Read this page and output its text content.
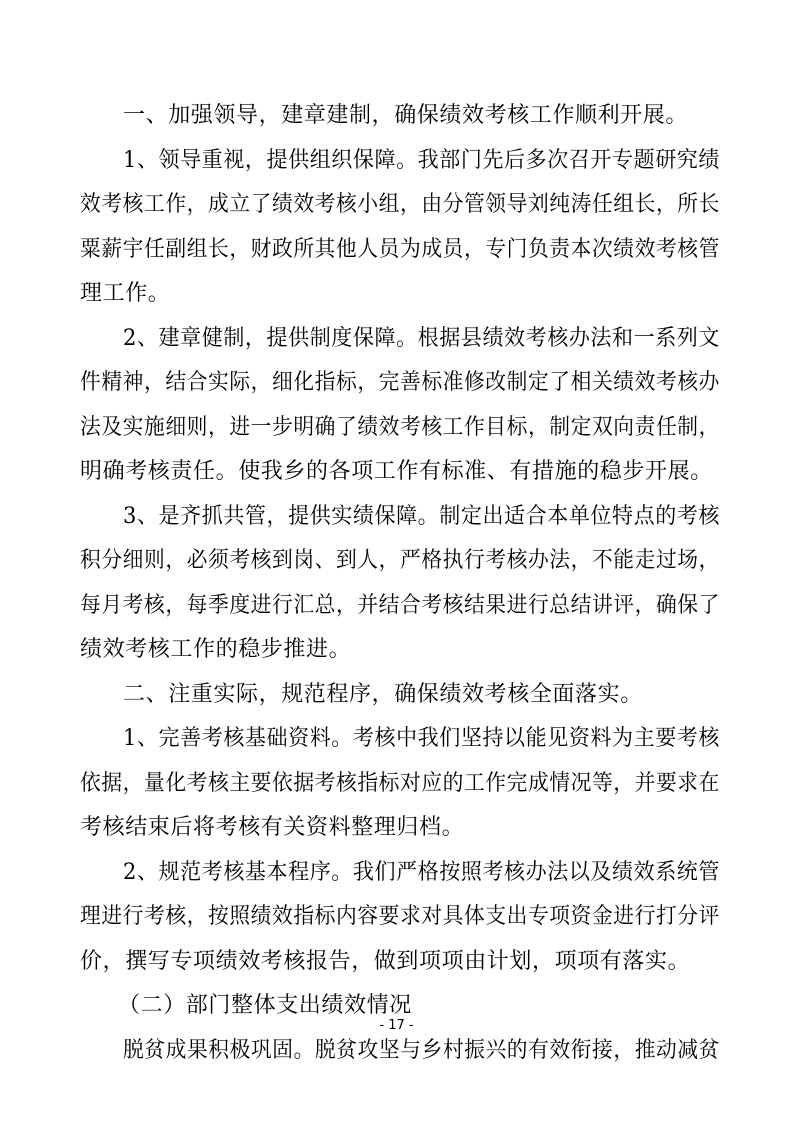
一、加强领导，建章建制，确保绩效考核工作顺利开展。
1、领导重视，提供组织保障。我部门先后多次召开专题研究绩
效考核工作，成立了绩效考核小组，由分管领导刘纯涛任组长，所长
粟薪宇任副组长，财政所其他人员为成员，专门负责本次绩效考核管
理工作。
2、建章健制，提供制度保障。根据县绩效考核办法和一系列文
件精神，结合实际，细化指标，完善标准修改制定了相关绩效考核办
法及实施细则，进一步明确了绩效考核工作目标，制定双向责任制，
明确考核责任。使我乡的各项工作有标准、有措施的稳步开展。
3、是齐抓共管，提供实绩保障。制定出适合本单位特点的考核
积分细则，必须考核到岗、到人，严格执行考核办法，不能走过场，
每月考核，每季度进行汇总，并结合考核结果进行总结讲评，确保了
绩效考核工作的稳步推进。
二、注重实际，规范程序，确保绩效考核全面落实。
1、完善考核基础资料。考核中我们坚持以能见资料为主要考核
依据，量化考核主要依据考核指标对应的工作完成情况等，并要求在
考核结束后将考核有关资料整理归档。
2、规范考核基本程序。我们严格按照考核办法以及绩效系统管
理进行考核，按照绩效指标内容要求对具体支出专项资金进行打分评
价，撰写专项绩效考核报告，做到项项由计划，项项有落实。
（二）部门整体支出绩效情况
脱贫成果积极巩固。脱贫攻坚与乡村振兴的有效衔接，推动减贫
- 17 -
